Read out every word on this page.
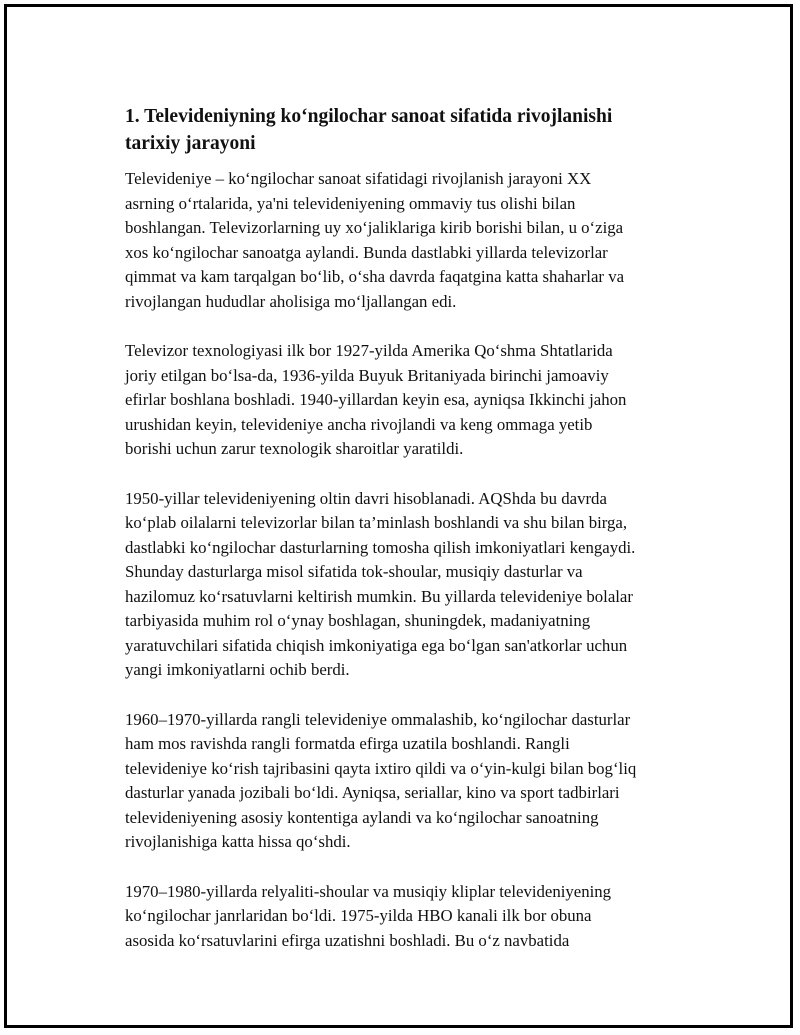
1. Televideniyning koʻngilochar sanoat sifatida rivojlanishi
tarixiy jarayoni

Televideniye – koʻngilochar sanoat sifatidagi rivojlanish jarayoni XX
asrning oʻrtalarida, ya'ni televideniyening ommaviy tus olishi bilan
boshlangan. Televizorlarning uy xoʻjaliklariga kirib borishi bilan, u oʻziga
xos koʻngilochar sanoatga aylandi. Bunda dastlabki yillarda televizorlar
qimmat va kam tarqalgan boʻlib, oʻsha davrda faqatgina katta shaharlar va
rivojlangan hududlar aholisiga moʻljallangan edi.

Televizor texnologiyasi ilk bor 1927-yilda Amerika Qoʻshma Shtatlarida
joriy etilgan boʻlsa-da, 1936-yilda Buyuk Britaniyada birinchi jamoaviy
efirlar boshlana boshladi. 1940-yillardan keyin esa, ayniqsa Ikkinchi jahon
urushidan keyin, televideniye ancha rivojlandi va keng ommaga yetib
borishi uchun zarur texnologik sharoitlar yaratildi.

1950-yillar televideniyening oltin davri hisoblanadi. AQShda bu davrda
koʻplab oilalarni televizorlar bilan ta’minlash boshlandi va shu bilan birga,
dastlabki koʻngilochar dasturlarning tomosha qilish imkoniyatlari kengaydi.
Shunday dasturlarga misol sifatida tok-shoular, musiqiy dasturlar va
hazilomuz koʻrsatuvlarni keltirish mumkin. Bu yillarda televideniye bolalar
tarbiyasida muhim rol oʻynay boshlagan, shuningdek, madaniyatning
yaratuvchilari sifatida chiqish imkoniyatiga ega boʻlgan san'atkorlar uchun
yangi imkoniyatlarni ochib berdi.

1960–1970-yillarda rangli televideniye ommalashib, koʻngilochar dasturlar
ham mos ravishda rangli formatda efirga uzatila boshlandi. Rangli
televideniye koʻrish tajribasini qayta ixtiro qildi va oʻyin-kulgi bilan bogʻliq
dasturlar yanada jozibali boʻldi. Ayniqsa, seriallar, kino va sport tadbirlari
televideniyening asosiy kontentiga aylandi va koʻngilochar sanoatning
rivojlanishiga katta hissa qoʻshdi.

1970–1980-yillarda relyaliti-shoular va musiqiy kliplar televideniyening
koʻngilochar janrlaridan boʻldi. 1975-yilda HBO kanali ilk bor obuna
asosida koʻrsatuvlarini efirga uzatishni boshladi. Bu oʻz navbatida
